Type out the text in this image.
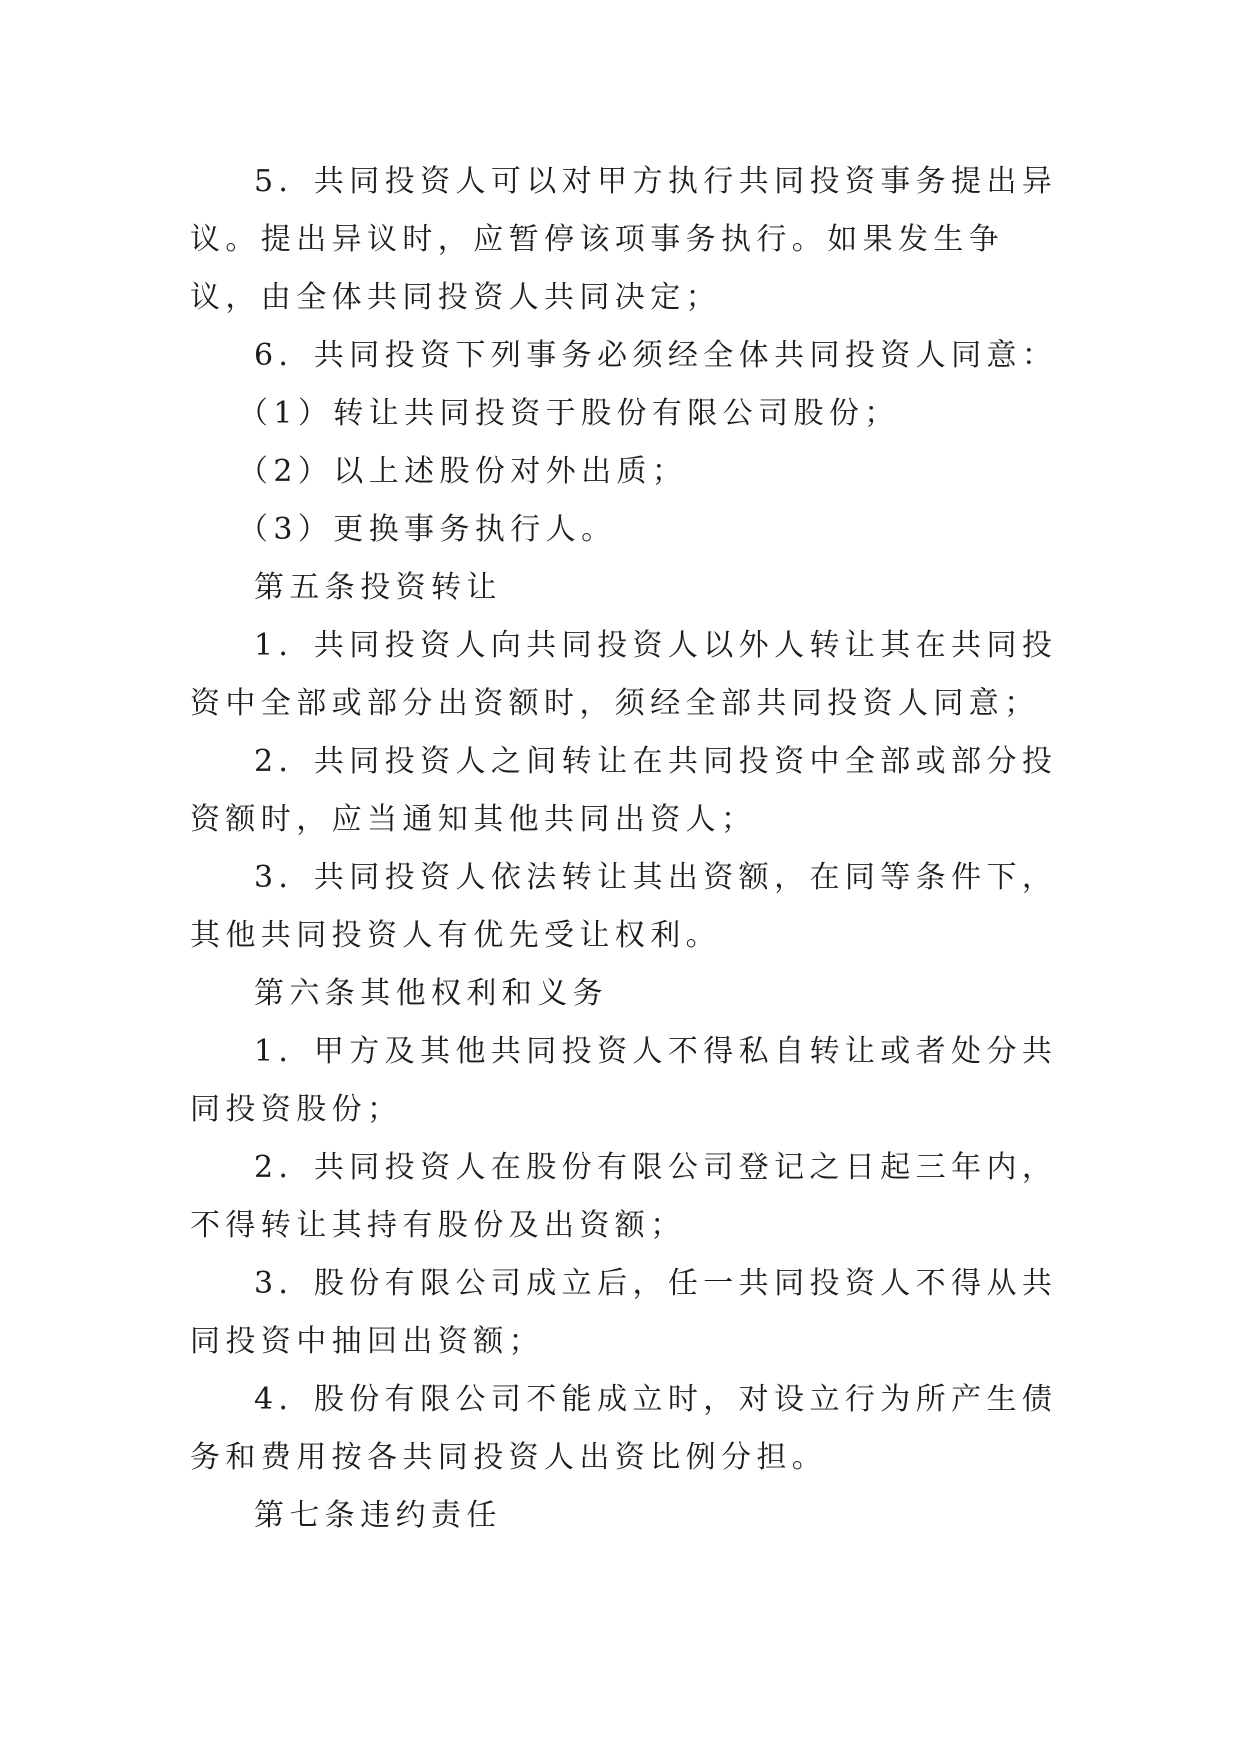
5．共同投资人可以对甲方执行共同投资事务提出异议。提出异议时，应暂停该项事务执行。如果发生争议，由全体共同投资人共同决定；

6．共同投资下列事务必须经全体共同投资人同意：

（1）转让共同投资于股份有限公司股份；

（2）以上述股份对外出质；

（3）更换事务执行人。

第五条投资转让

1．共同投资人向共同投资人以外人转让其在共同投资中全部或部分出资额时，须经全部共同投资人同意；

2．共同投资人之间转让在共同投资中全部或部分投资额时，应当通知其他共同出资人；

3．共同投资人依法转让其出资额，在同等条件下，其他共同投资人有优先受让权利。

第六条其他权利和义务

1．甲方及其他共同投资人不得私自转让或者处分共同投资股份；

2．共同投资人在股份有限公司登记之日起三年内，不得转让其持有股份及出资额；

3．股份有限公司成立后，任一共同投资人不得从共同投资中抽回出资额；

4．股份有限公司不能成立时，对设立行为所产生债务和费用按各共同投资人出资比例分担。

第七条违约责任
